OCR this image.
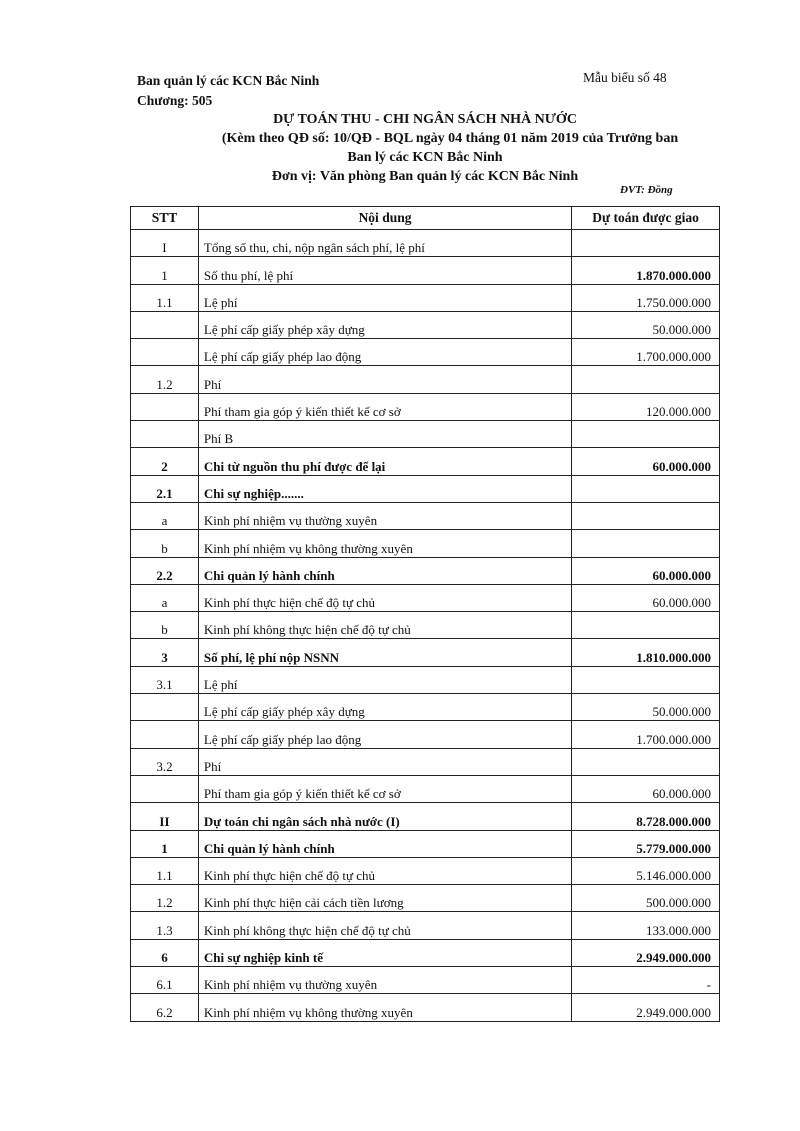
Ban quản lý các KCN Bắc Ninh
Chương: 505
Mẫu biểu số 48
DỰ TOÁN THU - CHI NGÂN SÁCH NHÀ NƯỚC
(Kèm theo QĐ số: 10/QĐ - BQL ngày 04 tháng 01 năm 2019 của Trưởng ban
Ban lý các KCN Bắc Ninh
Đơn vị: Văn phòng Ban quản lý các KCN Bắc Ninh
ĐVT: Đồng
STT	Nội dung	Dự toán được giao
I	Tổng số thu, chi, nộp ngân sách phí, lệ phí	
1	Số thu phí, lệ phí	1.870.000.000
1.1	Lệ phí	1.750.000.000
	Lệ phí cấp giấy phép xây dựng	50.000.000
	Lệ phí cấp giấy phép lao động	1.700.000.000
1.2	Phí	
	Phí tham gia góp ý kiến thiết kế cơ sở	120.000.000
	Phí B	
2	Chi từ nguồn thu phí được để lại	60.000.000
2.1	Chi sự nghiệp.......	
a	Kinh phí nhiệm vụ thường xuyên	
b	Kinh phí nhiệm vụ không thường xuyên	
2.2	Chi quản lý hành chính	60.000.000
a	Kinh phí thực hiện chế độ tự chủ	60.000.000
b	Kinh phí không thực hiện chế độ tự chủ	
3	Số phí, lệ phí nộp NSNN	1.810.000.000
3.1	Lệ phí	
	Lệ phí cấp giấy phép xây dựng	50.000.000
	Lệ phí cấp giấy phép lao động	1.700.000.000
3.2	Phí	
	Phí tham gia góp ý kiến thiết kế cơ sở	60.000.000
II	Dự toán chi ngân sách nhà nước (I)	8.728.000.000
1	Chi quản lý hành chính	5.779.000.000
1.1	Kinh phí thực hiện chế độ tự chủ	5.146.000.000
1.2	Kinh phí thực hiện cải cách tiền lương	500.000.000
1.3	Kinh phí không thực hiện chế độ tự chủ	133.000.000
6	Chi sự nghiệp kinh tế	2.949.000.000
6.1	Kinh phí nhiệm vụ thường xuyên	-
6.2	Kinh phí nhiệm vụ không thường xuyên	2.949.000.000
